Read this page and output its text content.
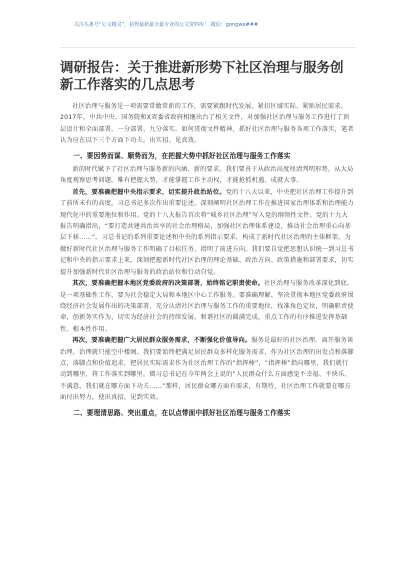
关注头条号“公文精灵”，获得最新最全最专业的公文资料库！ 微信：gongwe###
调研报告：关于推进新形势下社区治理与服务创新工作落实的几点思考

社区治理与服务是一项需要常做常新的工作，需要紧跟时代发展、紧扣区域实际、紧贴居民需求。2017年，中共中央、国务院和X省委省政府相继出台了相关文件，对加强社区治理与服务工作进行了顶层设计和全面部署。一分部署，九分落实。如何贯彻文件精神，抓好社区治理与服务各项工作落实，笔者认为应在以下三个方面下功夫，出实招、见真效。

一、要因势而谋、顺势而为，在把握大势中抓好社区治理与服务工作落实

新的时代赋予了社区治理与服务新的内涵、新的要求。我们要善于从政治高度厘清判明形势，从大局角度观察思考问题。唯有把握大势，才能掌握工作主动权，才能抢抓机遇、成就大事。

首先，要准确把握中央指示要求，切实提升政治站位。党的十八大以来，中央把社区治理工作提升到了前所未有的高度。习总书记多次作出重要论述，深刻阐明社区治理工作在推进国家治理体系和治理能力现代化中的重要地位和作用。党的十八大报告首次将“城乡社区治理”写入党的纲领性文件。党的十九大报告明确指出，“要打造共建共治共享的社会治理格局，加强社区治理体系建设，推动社会治理重心向基层下移……”。习总书记的系列重要论述和中央的系列指示要求，构成了新时代社区治理的主体框架，为做好新时代社区治理与服务工作明确了目标任务，指明了前进方向。我们要自觉把思想认识统一到习总书记和中央的指示要求上来，深刻把握新时代社区治理的理论基础、政治方向、政策措施和部署要求，切实提升加强新时代社区治理与服务的政治站位和行动自觉。

其次，要准确把握本地区党委政府的决策部署，始终铭记职责使命。社区治理与服务改革深化到底，是一项基础性工作，要为社会稳定大局和本地区中心工作服务。要准确理解、坚决贯彻本地区党委政府围绕经济社会发展作出的决策部署，充分认清社区治理与服务工作的重要地位，找准角色定位，明确职责使命，创新务实作为，切实为经济社会的持续发展、和谐社区的圆满完成，重点工作的有序推进发挥基础性、根本性作用。

再次，要准确把握广大居民群众服务需求，不断强化价值导向。服务是最好的社区治理。离开服务谈治理，治理就只能空中楼阁。我们要始终把满足居民群众多样化服务需求，作为社区治理的出发点和落脚点，落脚点和价值追求，把居民实际需求作为社区治理工作的“指挥棒”，“指挥棒”指向哪里，我们就行动到哪里，将工作落实到哪里。微习总书记在今年两会上说的“人民群众什么方面感觉不幸福、不快乐、不满意，我们就在哪方面下功夫……”那样，居民群众哪方面有需求，有期待，社区治理工作就要在哪方面付出努力，使出真招、见到实效。

二、要理清思路、突出重点，在以点带面中抓好社区治理与服务工作落实
